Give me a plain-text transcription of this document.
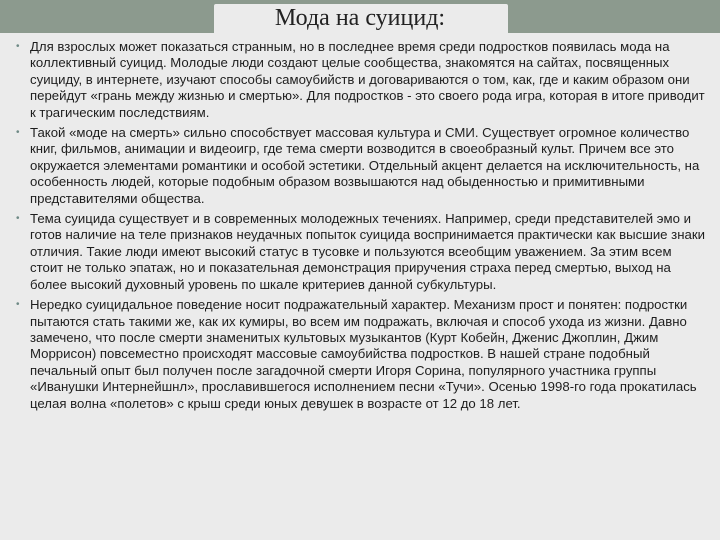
Мода на суицид:
• Для взрослых может показаться странным, но в последнее время среди подростков появилась мода на коллективный суицид. Молодые люди создают целые сообщества, знакомятся на сайтах, посвященных суициду, в интернете, изучают способы самоубийств и договариваются о том, как, где и каким образом они перейдут «грань между жизнью и смертью». Для подростков - это своего рода игра, которая в итоге приводит к трагическим последствиям.
• Такой «моде на смерть» сильно способствует массовая культура и СМИ. Существует огромное количество книг, фильмов, анимации и видеоигр, где тема смерти возводится в своеобразный культ. Причем все это окружается элементами романтики и особой эстетики. Отдельный акцент делается на исключительность, на особенность людей, которые подобным образом возвышаются над обыденностью и примитивными представителями общества.
• Тема суицида существует и в современных молодежных течениях. Например, среди представителей эмо и готов наличие на теле признаков неудачных попыток суицида воспринимается практически как высшие знаки отличия. Такие люди имеют высокий статус в тусовке и пользуются всеобщим уважением. За этим всем стоит не только эпатаж, но и показательная демонстрация приручения страха перед смертью, выход на более высокий духовный уровень по шкале критериев данной субкультуры.
• Нередко суицидальное поведение носит подражательный характер. Механизм прост и понятен: подростки пытаются стать такими же, как их кумиры, во всем им подражать, включая и способ ухода из жизни. Давно замечено, что после смерти знаменитых культовых музыкантов (Курт Кобейн, Дженис Джоплин, Джим Моррисон) повсеместно происходят массовые самоубийства подростков. В нашей стране подобный печальный опыт был получен после загадочной смерти Игоря Сорина, популярного участника группы «Иванушки Интернейшнл», прославившегося исполнением песни «Тучи». Осенью 1998-го года прокатилась целая волна «полетов» с крыш среди юных девушек в возрасте от 12 до 18 лет.
